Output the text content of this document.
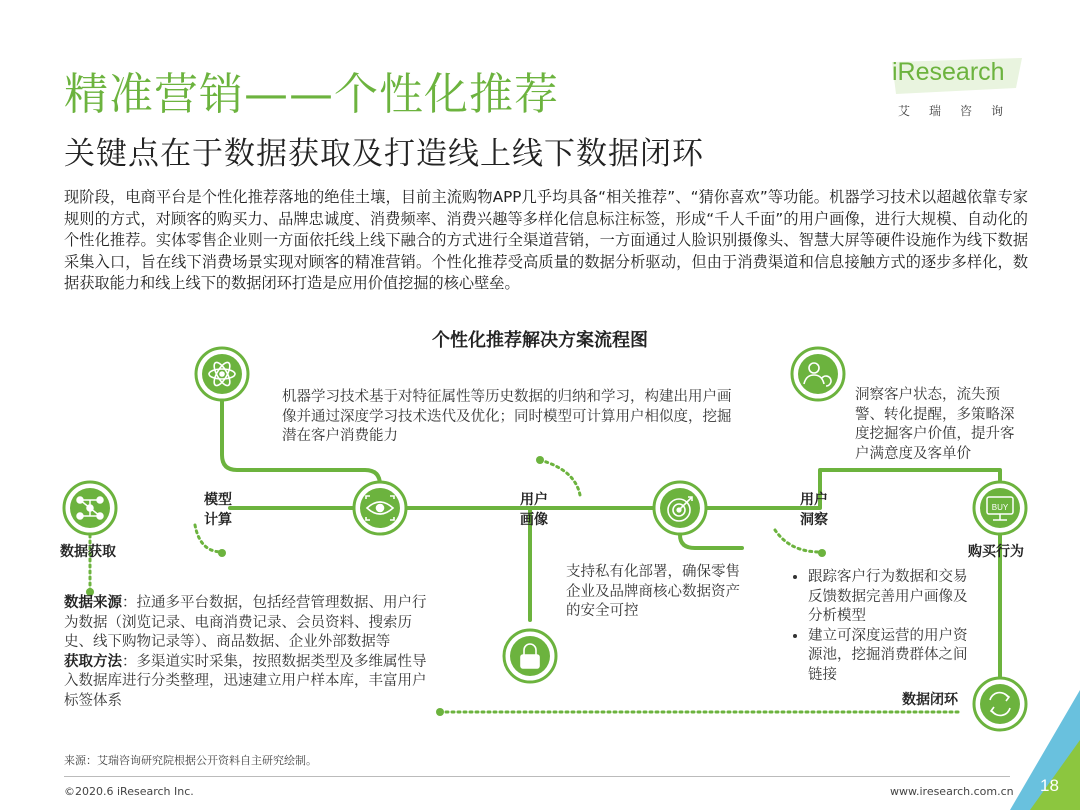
精准营销——个性化推荐
关键点在于数据获取及打造线上线下数据闭环
iResearch
艾瑞咨询
现阶段，电商平台是个性化推荐落地的绝佳土壤，目前主流购物APP几乎均具备“相关推荐”、“猜你喜欢”等功能。机器学习技术以超越依靠专家规则的方式，对顾客的购买力、品牌忠诚度、消费频率、消费兴趣等多样化信息标注标签，形成“千人千面”的用户画像，进行大规模、自动化的个性化推荐。实体零售企业则一方面依托线上线下融合的方式进行全渠道营销，一方面通过人脸识别摄像头、智慧大屏等硬件设施作为线下数据采集入口，旨在线下消费场景实现对顾客的精准营销。个性化推荐受高质量的数据分析驱动，但由于消费渠道和信息接触方式的逐步多样化，数据获取能力和线上线下的数据闭环打造是应用价值挖掘的核心壁垒。
个性化推荐解决方案流程图
BUY
数据获取
模型
计算
用户
画像
用户
洞察
购买行为
数据闭环
机器学习技术基于对特征属性等历史数据的归纳和学习，构建出用户画像并通过深度学习技术迭代及优化；同时模型可计算用户相似度，挖掘潜在客户消费能力
洞察客户状态，流失预警、转化提醒，多策略深度挖掘客户价值，提升客户满意度及客单价
支持私有化部署，确保零售企业及品牌商核心数据资产的安全可控
数据来源：拉通多平台数据，包括经营管理数据、用户行为数据（浏览记录、电商消费记录、会员资料、搜索历史、线下购物记录等）、商品数据、企业外部数据等
获取方法：多渠道实时采集，按照数据类型及多维属性导入数据库进行分类整理，迅速建立用户样本库，丰富用户标签体系
• 跟踪客户行为数据和交易反馈数据完善用户画像及分析模型
• 建立可深度运营的用户资源池，挖掘消费群体之间链接
来源：艾瑞咨询研究院根据公开资料自主研究绘制。
©2020.6 iResearch Inc.	www.iresearch.com.cn 18
